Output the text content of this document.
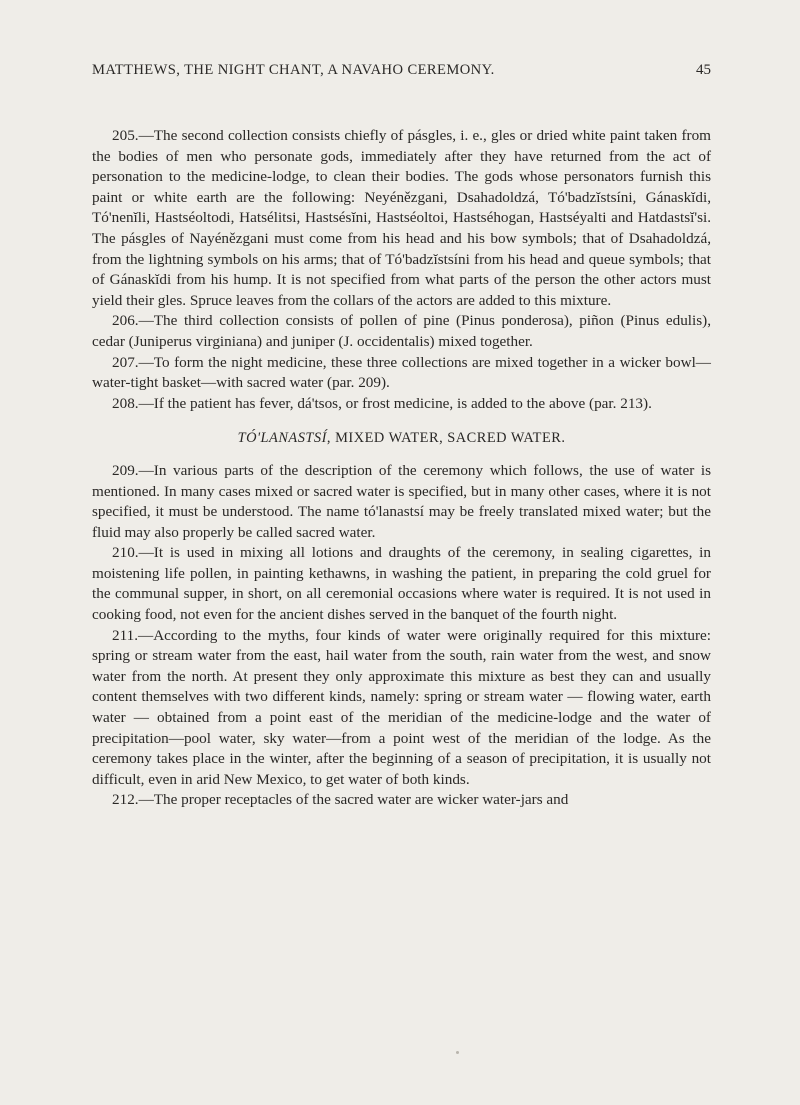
MATTHEWS, THE NIGHT CHANT, A NAVAHO CEREMONY.	45

205.—The second collection consists chiefly of pásgles, i. e., gles or dried white paint taken from the bodies of men who personate gods, immediately after they have returned from the act of personation to the medicine-lodge, to clean their bodies. The gods whose personators furnish this paint or white earth are the following: Neyénězgani, Dsahadoldzá, Tó'badzĭstsíni, Gánaskĭdi, Tó'nenĭli, Hastséoltodi, Hatsélitsi, Hastsésĭni, Hastséoltoi, Hastséhogan, Hastséyalti and Hatdastsĭ'si. The pásgles of Nayénězgani must come from his head and his bow symbols; that of Dsahadoldzá, from the lightning symbols on his arms; that of Tó'badzĭstsíni from his head and queue symbols; that of Gánaskĭdi from his hump. It is not specified from what parts of the person the other actors must yield their gles. Spruce leaves from the collars of the actors are added to this mixture.

206.—The third collection consists of pollen of pine (Pinus ponderosa), piñon (Pinus edulis), cedar (Juniperus virginiana) and juniper (J. occidentalis) mixed together.

207.—To form the night medicine, these three collections are mixed together in a wicker bowl—water-tight basket—with sacred water (par. 209).

208.—If the patient has fever, dá'tsos, or frost medicine, is added to the above (par. 213).

TÓ'LANASTSÍ, MIXED WATER, SACRED WATER.

209.—In various parts of the description of the ceremony which follows, the use of water is mentioned. In many cases mixed or sacred water is specified, but in many other cases, where it is not specified, it must be understood. The name tó'lanastsí may be freely translated mixed water; but the fluid may also properly be called sacred water.

210.—It is used in mixing all lotions and draughts of the ceremony, in sealing cigarettes, in moistening life pollen, in painting kethawns, in washing the patient, in preparing the cold gruel for the communal supper, in short, on all ceremonial occasions where water is required. It is not used in cooking food, not even for the ancient dishes served in the banquet of the fourth night.

211.—According to the myths, four kinds of water were originally required for this mixture: spring or stream water from the east, hail water from the south, rain water from the west, and snow water from the north. At present they only approximate this mixture as best they can and usually content themselves with two different kinds, namely: spring or stream water — flowing water, earth water — obtained from a point east of the meridian of the medicine-lodge and the water of precipitation—pool water, sky water—from a point west of the meridian of the lodge. As the ceremony takes place in the winter, after the beginning of a season of precipitation, it is usually not difficult, even in arid New Mexico, to get water of both kinds.

212.—The proper receptacles of the sacred water are wicker water-jars and
